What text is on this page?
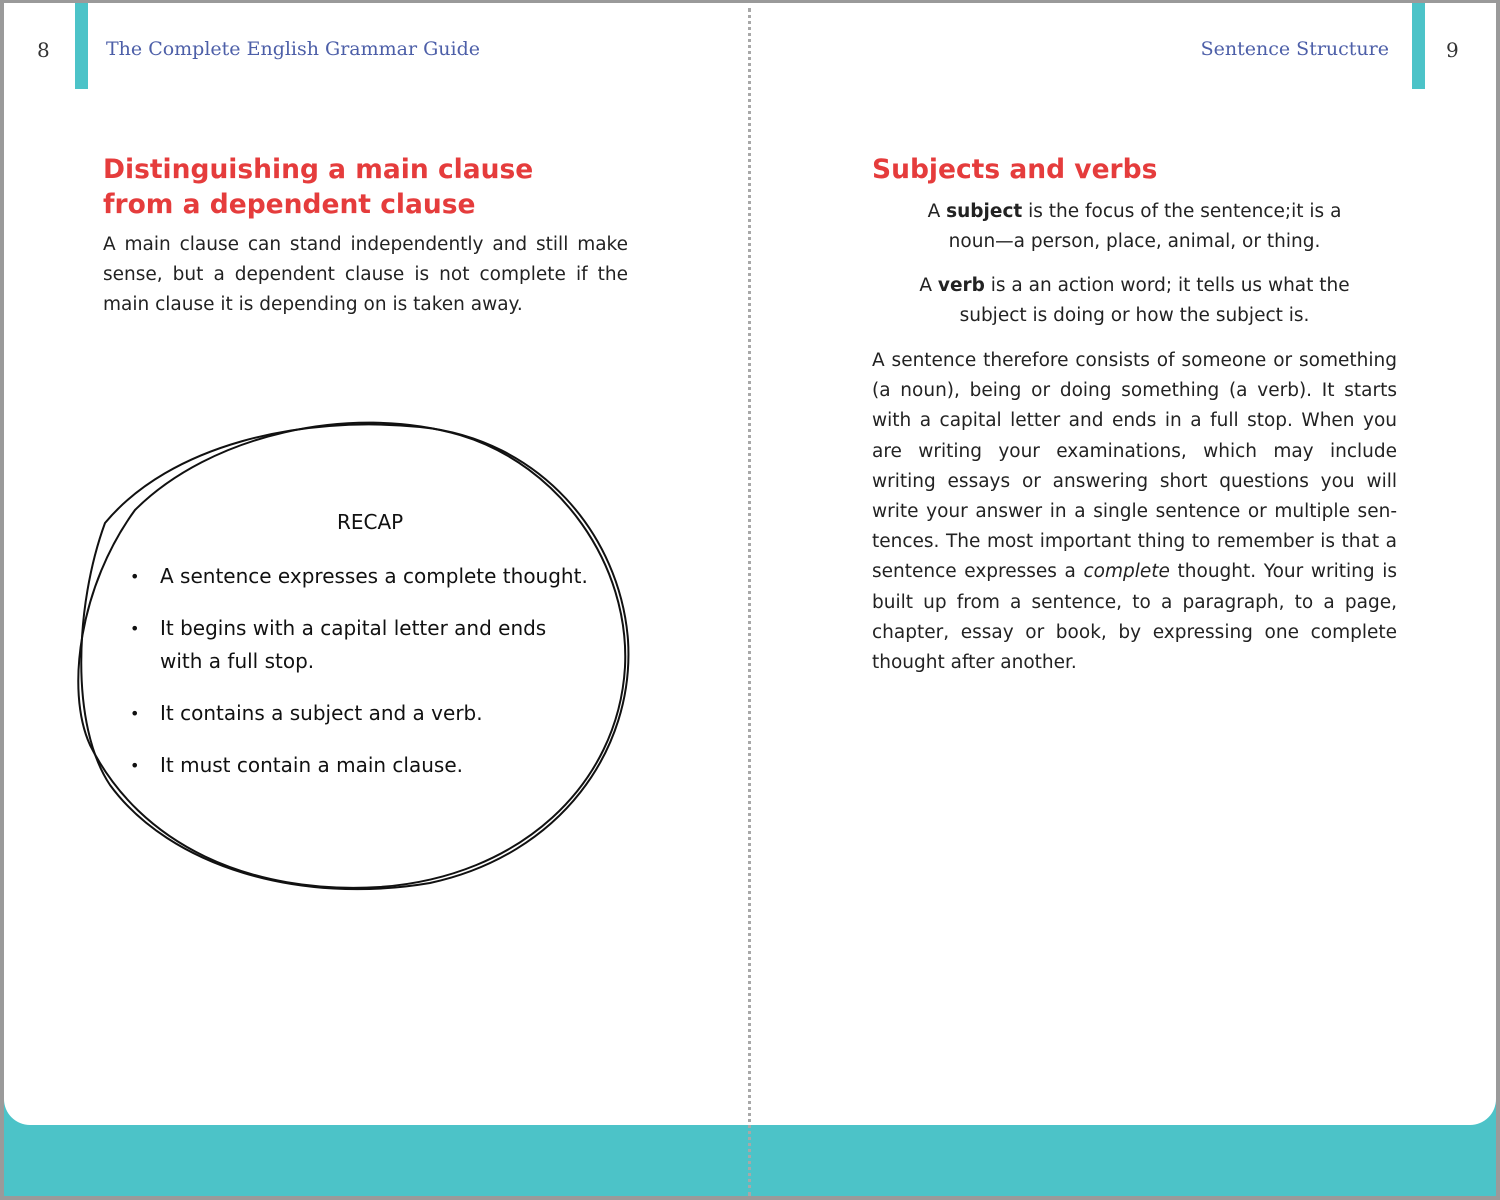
8	The Complete English Grammar Guide	9
Sentence Structure
Distinguishing a main clause
from a dependent clause

A main clause can stand independently and still make sense, but a dependent clause is not complete if the main clause it is depending on is taken away.

RECAP
• A sentence expresses a complete thought.
• It begins with a capital letter and ends with a full stop.
• It contains a subject and a verb.
• It must contain a main clause.
Subjects and verbs

A subject is the focus of the sentence;it is a noun—a person, place, animal, or thing.

A verb is a an action word; it tells us what the subject is doing or how the subject is.

A sentence therefore consists of someone or something (a noun), being or doing something (a verb). It starts with a capital letter and ends in a full stop. When you are writing your examinations, which may include writing essays or answering short questions you will write your answer in a single sentence or multiple sentences. The most important thing to remember is that a sentence expresses a complete thought. Your writing is built up from a sentence, to a paragraph, to a page, chapter, essay or book, by expressing one complete thought after another.
